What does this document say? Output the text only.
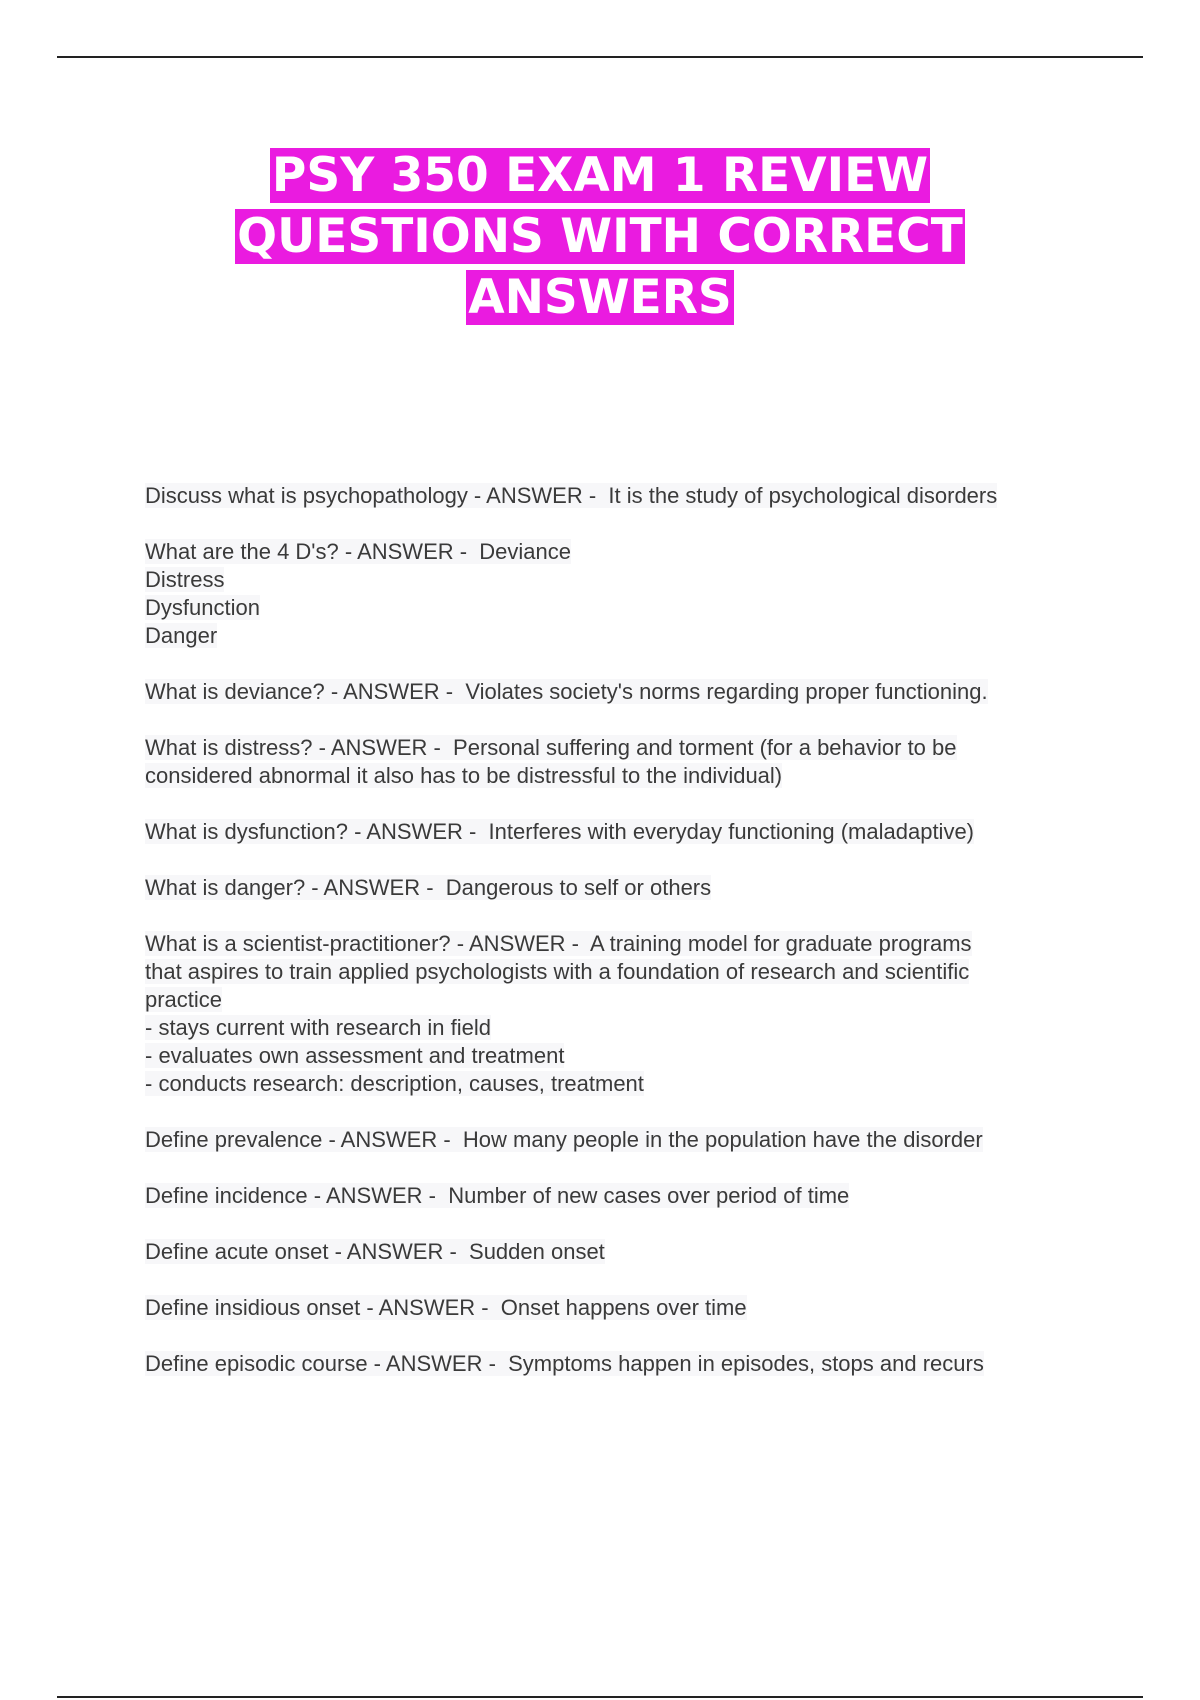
PSY 350 EXAM 1 REVIEW
QUESTIONS WITH CORRECT
ANSWERS
Discuss what is psychopathology - ANSWER -  It is the study of psychological disorders
What are the 4 D's? - ANSWER -  Deviance
Distress
Dysfunction
Danger
What is deviance? - ANSWER -  Violates society's norms regarding proper functioning.
What is distress? - ANSWER -  Personal suffering and torment (for a behavior to be
considered abnormal it also has to be distressful to the individual)
What is dysfunction? - ANSWER -  Interferes with everyday functioning (maladaptive)
What is danger? - ANSWER -  Dangerous to self or others
What is a scientist-practitioner? - ANSWER -  A training model for graduate programs
that aspires to train applied psychologists with a foundation of research and scientific
practice
- stays current with research in field
- evaluates own assessment and treatment
- conducts research: description, causes, treatment
Define prevalence - ANSWER -  How many people in the population have the disorder
Define incidence - ANSWER -  Number of new cases over period of time
Define acute onset - ANSWER -  Sudden onset
Define insidious onset - ANSWER -  Onset happens over time
Define episodic course - ANSWER -  Symptoms happen in episodes, stops and recurs
